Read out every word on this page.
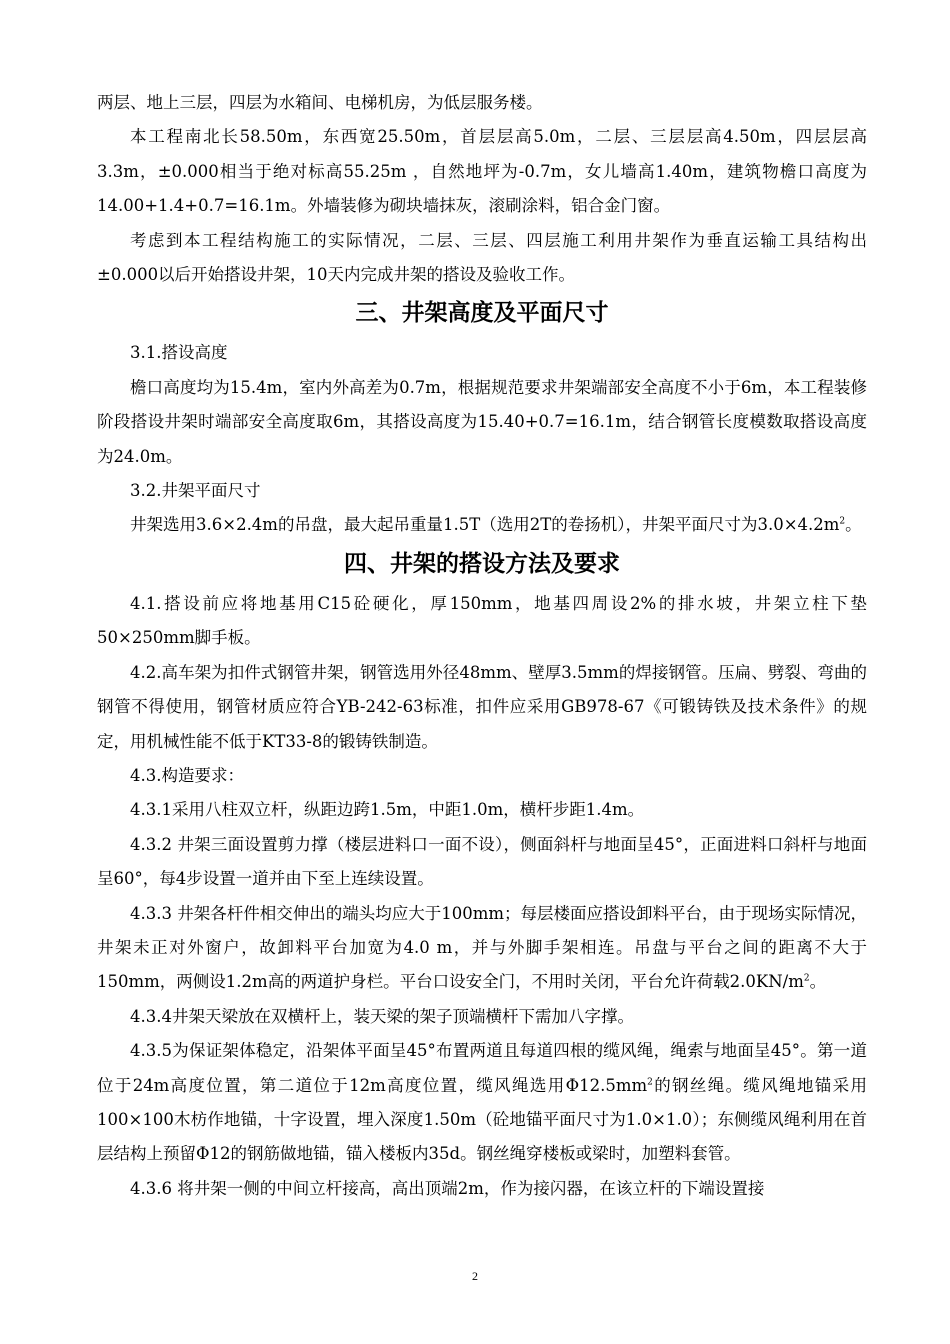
两层、地上三层，四层为水箱间、电梯机房，为低层服务楼。

本工程南北长58.50m，东西宽25.50m，首层层高5.0m，二层、三层层高4.50m，四层层高3.3m，±0.000相当于绝对标高55.25m ，自然地坪为-0.7m，女儿墙高1.40m，建筑物檐口高度为14.00+1.4+0.7=16.1m。外墙装修为砌块墙抹灰，滚刷涂料，铝合金门窗。

考虑到本工程结构施工的实际情况，二层、三层、四层施工利用井架作为垂直运输工具结构出±0.000以后开始搭设井架，10天内完成井架的搭设及验收工作。

三、井架高度及平面尺寸

3.1.搭设高度

檐口高度均为15.4m，室内外高差为0.7m，根据规范要求井架端部安全高度不小于6m，本工程装修阶段搭设井架时端部安全高度取6m，其搭设高度为15.40+0.7=16.1m，结合钢管长度模数取搭设高度为24.0m。

3.2.井架平面尺寸

井架选用3.6×2.4m的吊盘，最大起吊重量1.5T（选用2T的卷扬机），井架平面尺寸为$3.0\times 4.2m^2$。

四、井架的搭设方法及要求

4.1.搭设前应将地基用C15砼硬化，厚150mm，地基四周设2%的排水坡，井架立柱下垫50×250mm脚手板。

4.2.高车架为扣件式钢管井架，钢管选用外径48mm、壁厚3.5mm的焊接钢管。压扁、劈裂、弯曲的钢管不得使用，钢管材质应符合YB-242-63标准，扣件应采用GB978-67《可锻铸铁及技术条件》的规定，用机械性能不低于KT33-8的锻铸铁制造。

4.3.构造要求：

4.3.1采用八柱双立杆，纵距边跨1.5m，中距1.0m，横杆步距1.4m。

4.3.2 井架三面设置剪力撑（楼层进料口一面不设），侧面斜杆与地面呈45°，正面进料口斜杆与地面呈60°，每4步设置一道并由下至上连续设置。

4.3.3 井架各杆件相交伸出的端头均应大于100mm；每层楼面应搭设卸料平台，由于现场实际情况，井架未正对外窗户，故卸料平台加宽为4.0 m，并与外脚手架相连。吊盘与平台之间的距离不大于150mm，两侧设1.2m高的两道护身栏。平台口设安全门，不用时关闭，平台允许荷载$2.0KN/m^2$。

4.3.4井架天梁放在双横杆上，装天梁的架子顶端横杆下需加八字撑。

4.3.5为保证架体稳定，沿架体平面呈45°布置两道且每道四根的缆风绳，绳索与地面呈45°。第一道位于24m高度位置，第二道位于12m高度位置，缆风绳选用$\Phi 12.5mm^2$的钢丝绳。缆风绳地锚采用100×100木枋作地锚，十字设置，埋入深度1.50m（砼地锚平面尺寸为1.0×1.0）；东侧缆风绳利用在首层结构上预留Φ12的钢筋做地锚，锚入楼板内35d。钢丝绳穿楼板或梁时，加塑料套管。

4.3.6 将井架一侧的中间立杆接高，高出顶端2m，作为接闪器，在该立杆的下端设置接

2
